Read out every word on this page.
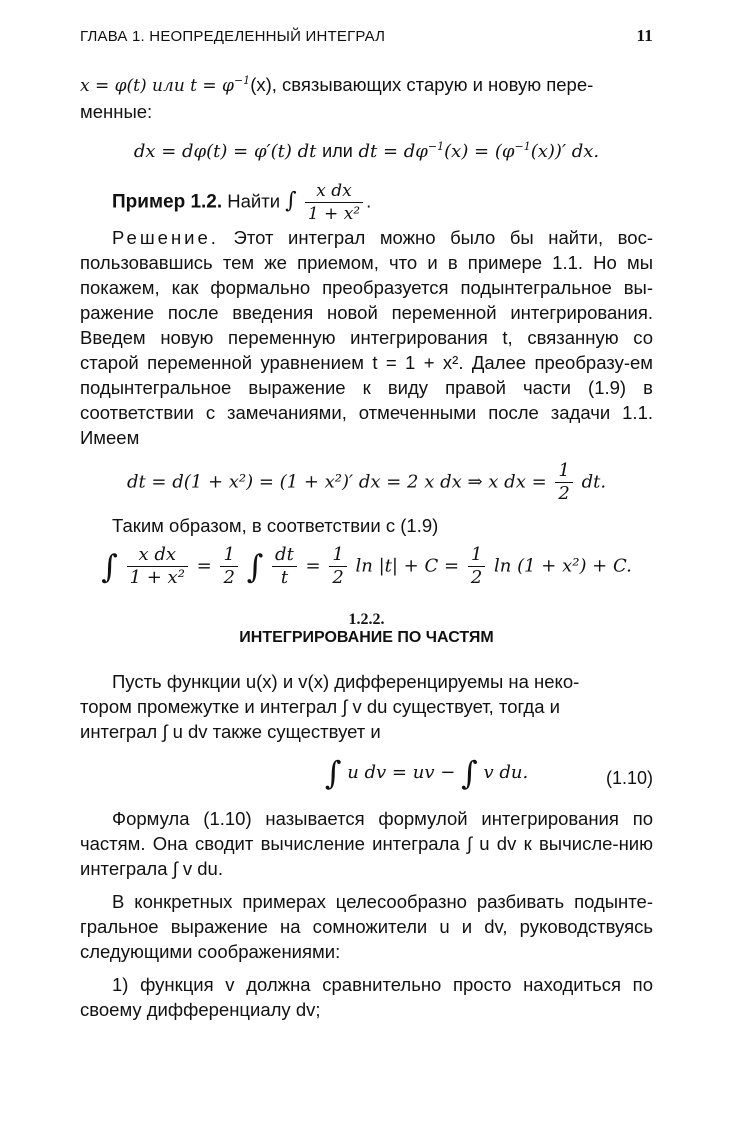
ГЛАВА 1. НЕОПРЕДЕЛЕННЫЙ ИНТЕГРАЛ	11

x = φ(t) или $t = \varphi^{-1}(x)$, связывающих старую и новую пере-

менные:

dx = dφ(t) = φ′(t) dt или dt = $d\varphi^{-1}(x) = (\varphi^{-1}(x))'$ dx.

Пример 1.2. Найти ∫ $\frac{\text{x dx}}{\text{1 + x²}}$ .

Решение. Этот интеграл можно было бы найти, вос-пользовавшись тем же приемом, что и в примере 1.1. Но мы покажем, как формально преобразуется подынтегральное вы-ражение после введения новой переменной интегрирования. Введем новую переменную интегрирования t, связанную со старой переменной уравнением t = 1 + x². Далее преобразу-ем подынтегральное выражение к виду правой части (1.9) в соответствии с замечаниями, отмеченными после задачи 1.1. Имеем

dt = d(1 + x²) = (1 + x²)′ dx = 2 x dx ⇒ x dx = $\frac{1}{2}$ dt.

Таким образом, в соответствии с (1.9)

∫ $\frac{\text{x dx}}{\text{1 + x²}} = \frac{1}{2}$ ∫ $\frac{dt}{t} = \frac{1}{2}$ $\ln |t| + C = \frac{1}{2}$ ln (1 + x²) + C.

1.2.2.

ИНТЕГРИРОВАНИЕ ПО ЧАСТЯМ

Пусть функции u(x) и v(x) дифференцируемы на неко-

тором промежутке и интеграл ∫ v du существует, тогда и

интеграл ∫ u dv также существует и

∫ u dv = uv − ∫ v du.	(1.10)

Формула (1.10) называется формулой интегрирования по частям. Она сводит вычисление интеграла ∫ u dv к вычисле-нию интеграла ∫ v du.

В конкретных примерах целесообразно разбивать подынте-гральное выражение на сомножители u и dv, руководствуясь следующими соображениями:

1) функция v должна сравнительно просто находиться по своему дифференциалу dv;
